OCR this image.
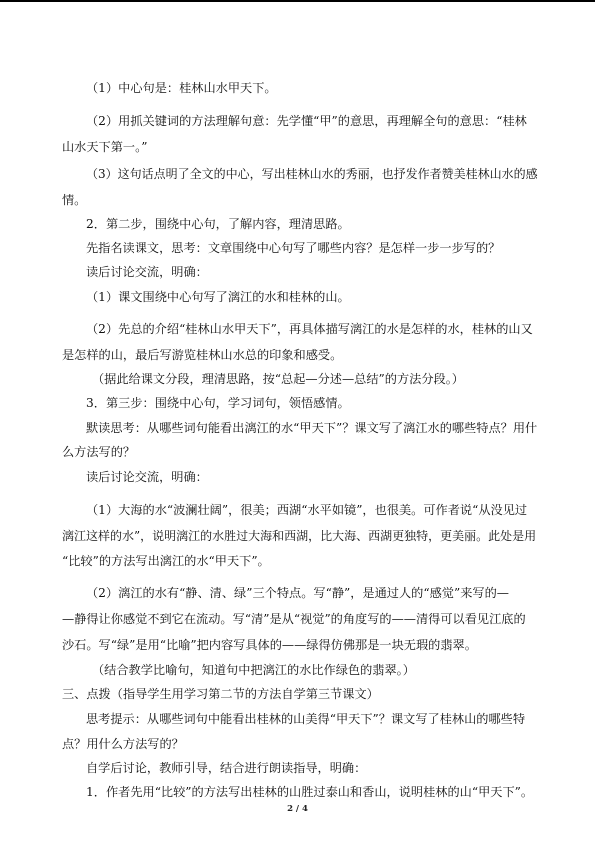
（1）中心句是：桂林山水甲天下。
（2）用抓关键词的方法理解句意：先学懂“甲”的意思，再理解全句的意思：“桂林
山水天下第一。”
（3）这句话点明了全文的中心，写出桂林山水的秀丽，也抒发作者赞美桂林山水的感
情。
2．第二步，围绕中心句，了解内容，理清思路。
先指名读课文，思考：文章围绕中心句写了哪些内容？是怎样一步一步写的？
读后讨论交流，明确：
（1）课文围绕中心句写了漓江的水和桂林的山。
（2）先总的介绍“桂林山水甲天下”，再具体描写漓江的水是怎样的水，桂林的山又
是怎样的山，最后写游览桂林山水总的印象和感受。
（据此给课文分段，理清思路，按“总起—分述—总结”的方法分段。）
3．第三步：围绕中心句，学习词句，领悟感情。
默读思考：从哪些词句能看出漓江的水“甲天下”？课文写了漓江水的哪些特点？用什
么方法写的？
读后讨论交流，明确：
（1）大海的水“波澜壮阔”，很美；西湖“水平如镜”，也很美。可作者说“从没见过
漓江这样的水”，说明漓江的水胜过大海和西湖，比大海、西湖更独特，更美丽。此处是用
“比较”的方法写出漓江的水“甲天下”。
（2）漓江的水有“静、清、绿”三个特点。写“静”，是通过人的“感觉”来写的—
—静得让你感觉不到它在流动。写“清”是从“视觉”的角度写的——清得可以看见江底的
沙石。写“绿”是用“比喻”把内容写具体的——绿得仿佛那是一块无瑕的翡翠。
（结合教学比喻句，知道句中把漓江的水比作绿色的翡翠。）
三、点拨（指导学生用学习第二节的方法自学第三节课文）
思考提示：从哪些词句中能看出桂林的山美得“甲天下”？课文写了桂林山的哪些特
点？用什么方法写的？
自学后讨论，教师引导，结合进行朗读指导，明确：
1．作者先用“比较”的方法写出桂林的山胜过泰山和香山，说明桂林的山“甲天下”。
2 / 4
